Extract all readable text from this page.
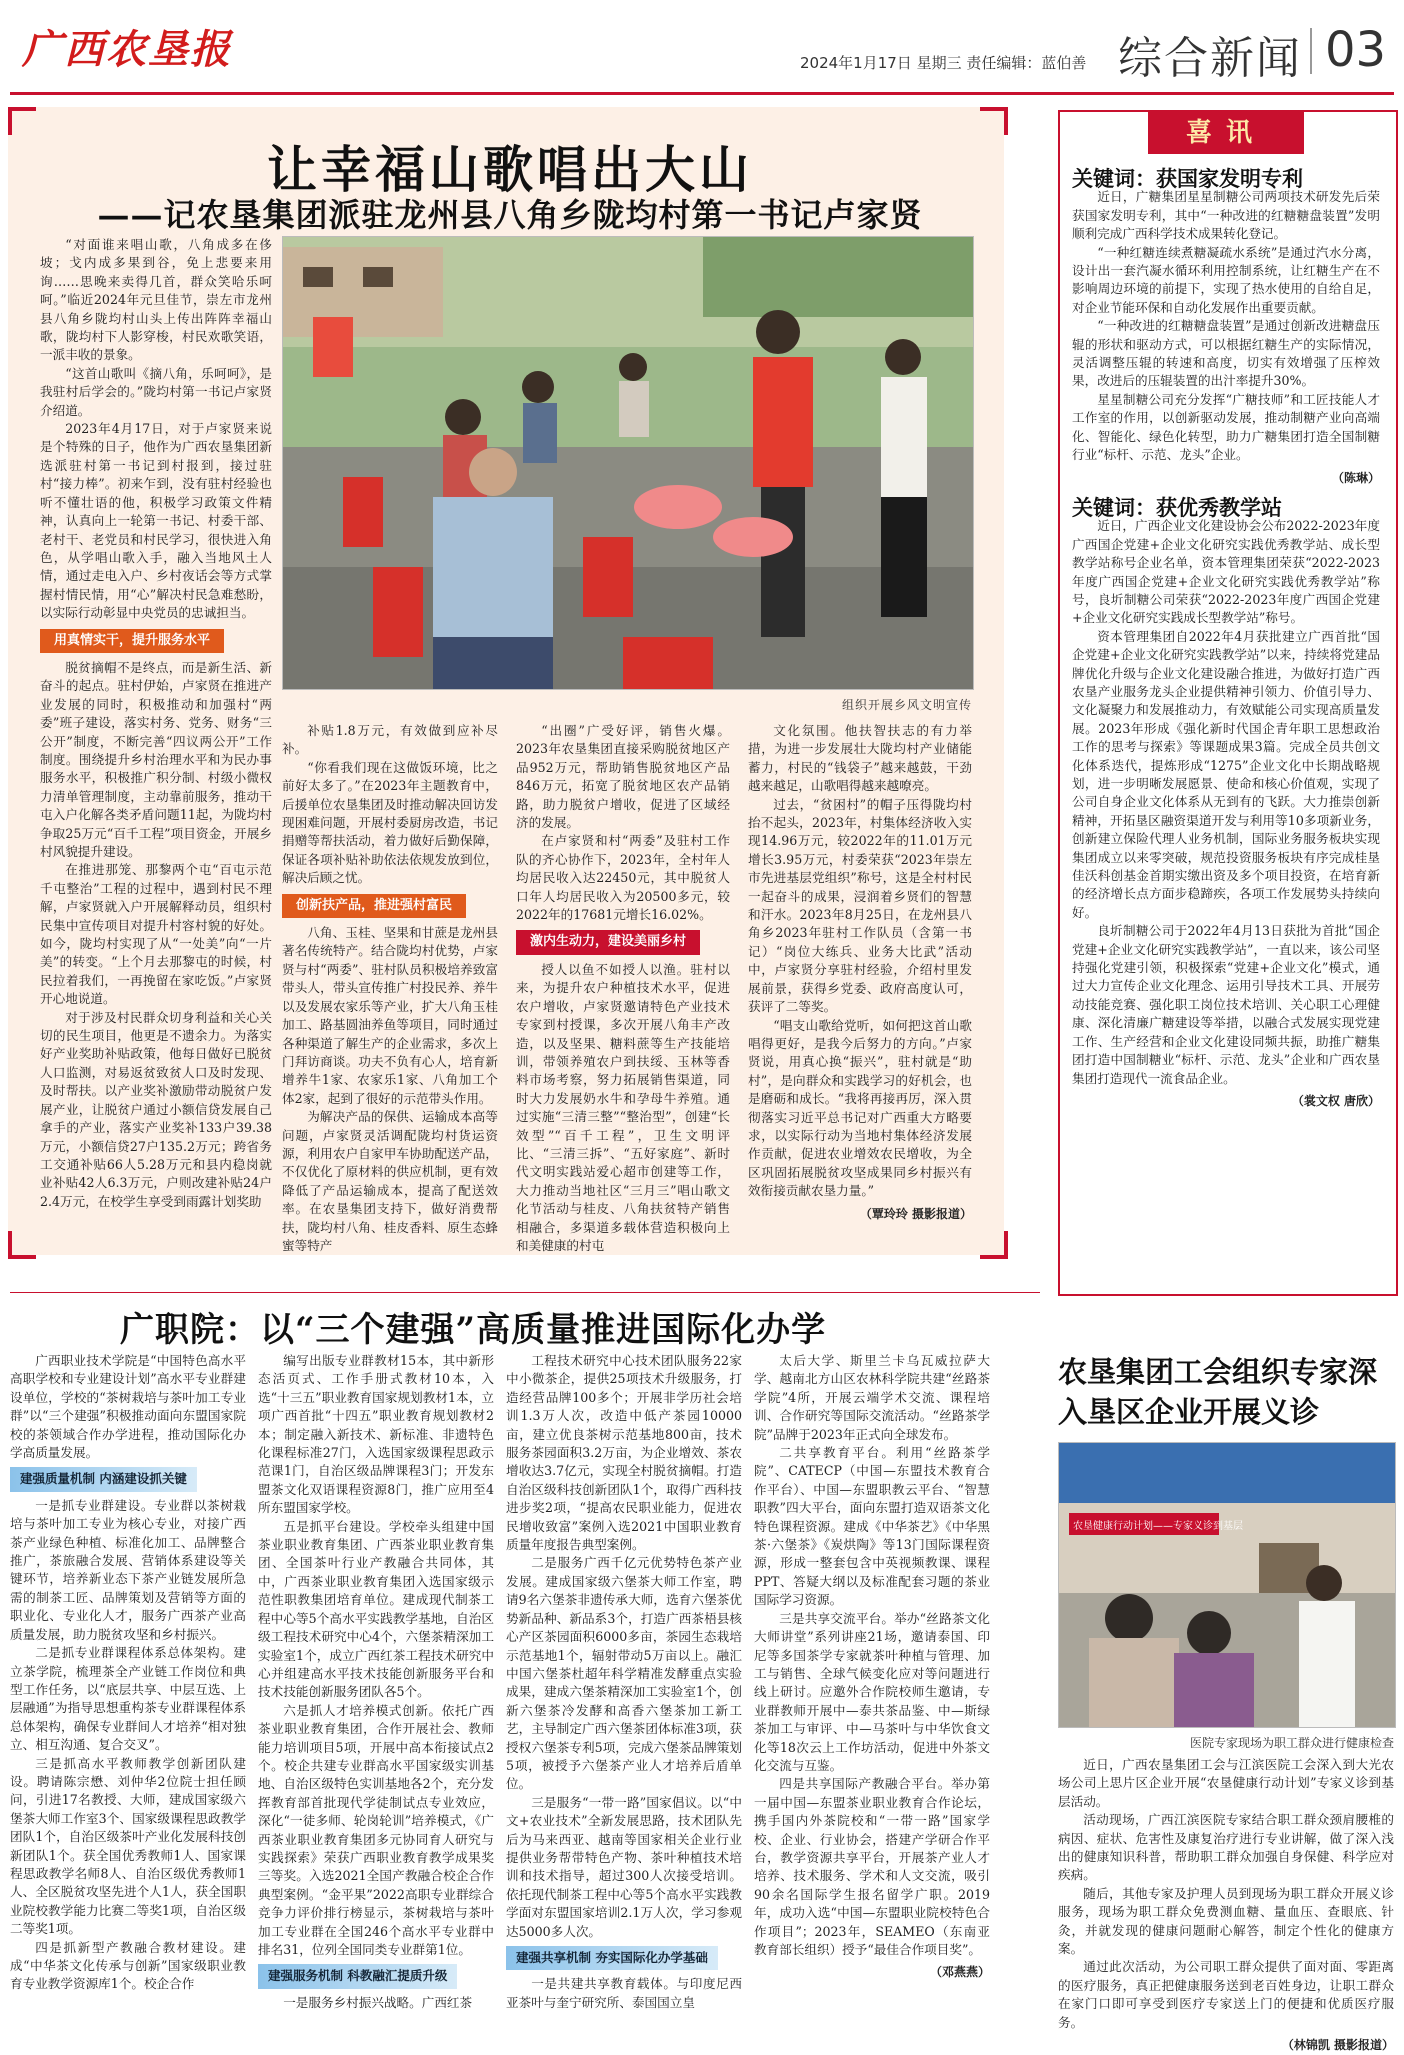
广西农垦报	2024年1月17日 星期三 责任编辑：蓝伯善 综合新闻 03
让幸福山歌唱出大山
——记农垦集团派驻龙州县八角乡陇均村第一书记卢家贤
组织开展乡风文明宣传

“对面谁来唱山歌，八角成多在侈坡；戈内成多果到谷，免上悲要来用询……思晚来卖得几首，群众笑哈乐呵呵。”临近2024年元旦佳节，崇左市龙州县八角乡陇均村山头上传出阵阵幸福山歌，陇均村下人影穿梭，村民欢歌笑语，一派丰收的景象。

“这首山歌叫《摘八角，乐呵呵》，是我驻村后学会的。”陇均村第一书记卢家贤介绍道。

2023年4月17日，对于卢家贤来说是个特殊的日子，他作为广西农垦集团新选派驻村第一书记到村报到，接过驻村“接力棒”。初来乍到，没有驻村经验也听不懂壮语的他，积极学习政策文件精神，认真向上一轮第一书记、村委干部、老村干、老党员和村民学习，很快进入角色，从学唱山歌入手，融入当地风土人情，通过走电入户、乡村夜话会等方式掌握村情民情，用“心”解决村民急难愁盼，以实际行动彰显中央党员的忠诚担当。

用真情实干，提升服务水平

脱贫摘帽不是终点，而是新生活、新奋斗的起点。驻村伊始，卢家贤在推进产业发展的同时，积极推动和加强村“两委”班子建设，落实村务、党务、财务“三公开”制度，不断完善“四议两公开”工作制度。围绕提升乡村治理水平和为民办事服务水平，积极推广积分制、村级小微权力清单管理制度，主动靠前服务，推动干屯入户化解各类矛盾问题11起，为陇均村争取25万元“百千工程”项目资金，开展乡村风貌提升建设。

在推进那笼、那黎两个屯“百屯示范千屯整治”工程的过程中，遇到村民不理解，卢家贤就入户开展解释动员，组织村民集中宣传项目对提升村容村貌的好处。如今，陇均村实现了从“一处美”向“一片美”的转变。“上个月去那黎屯的时候，村民拉着我们，一再挽留在家吃饭。”卢家贤开心地说道。

对于涉及村民群众切身利益和关心关切的民生项目，他更是不遗余力。为落实好产业奖助补贴政策，他每日做好已脱贫人口监测，对易返贫致贫人口及时发现、及时帮扶。以产业奖补激励带动脱贫户发展产业，让脱贫户通过小额信贷发展自己拿手的产业，落实产业奖补133户39.38万元，小额信贷27户135.2万元；跨省务工交通补贴66人5.28万元和县内稳岗就业补贴42人6.3万元，户则改建补贴24户2.4万元，在校学生享受到雨露计划奖助

补贴1.8万元，有效做到应补尽补。

“你看我们现在这做饭环境，比之前好太多了。”在2023年主题教育中，后援单位农垦集团及时推动解决回访发现困难问题，开展村委厨房改造，书记捐赠等帮扶活动，着力做好后勤保障，保证各项补贴补助依法依规发放到位，解决后顾之忧。

创新扶产品，推进强村富民

八角、玉桂、坚果和甘蔗是龙州县著名传统特产。结合陇均村优势，卢家贤与村“两委”、驻村队员积极培养致富带头人，带头宣传推广村投民养、养牛以及发展农家乐等产业，扩大八角玉桂加工、路基圆油养鱼等项目，同时通过各种渠道了解生产的企业需求，多次上门拜访商谈。功夫不负有心人，培育新增养牛1家、农家乐1家、八角加工个体2家，起到了很好的示范带头作用。

为解决产品的保供、运输成本高等问题，卢家贤灵活调配陇均村货运资源，利用农户自家甲车协助配送产品，不仅优化了原材料的供应机制，更有效降低了产品运输成本，提高了配送效率。在农垦集团支持下，做好消费帮扶，陇均村八角、桂皮香料、原生态蜂蜜等特产

“出圈”广受好评，销售火爆。2023年农垦集团直接采购脱贫地区产品952万元，帮助销售脱贫地区产品846万元，拓宽了脱贫地区农产品销路，助力脱贫户增收，促进了区域经济的发展。

在卢家贤和村“两委”及驻村工作队的齐心协作下，2023年，全村年人均居民收入达22450元，其中脱贫人口年人均居民收入为20500多元，较2022年的17681元增长16.02%。

激内生动力，建设美丽乡村

授人以鱼不如授人以渔。驻村以来，为提升农户种植技术水平，促进农户增收，卢家贤邀请特色产业技术专家到村授课，多次开展八角丰产改造，以及坚果、糖料蔗等生产技能培训，带领养殖农户到扶绥、玉林等香料市场考察，努力拓展销售渠道，同时大力发展奶水牛和孕母牛养殖。通过实施“三清三整”“整治型”，创建“长效型”“百千工程”，卫生文明评比、“三清三拆”、“五好家庭”、新时代文明实践站爱心超市创建等工作，大力推动当地社区“三月三”唱山歌文化节活动与桂皮、八角扶贫特产销售相融合，多渠道多载体营造积极向上和美健康的村屯

文化氛围。他扶智扶志的有力举措，为进一步发展壮大陇均村产业储能蓄力，村民的“钱袋子”越来越鼓，干劲越来越足，山歌唱得越来越嘹亮。

过去，“贫困村”的帽子压得陇均村抬不起头，2023年，村集体经济收入实现14.96万元，较2022年的11.01万元增长3.95万元，村委荣获“2023年崇左市先进基层党组织”称号，这是全村村民一起奋斗的成果，浸润着乡贤们的智慧和汗水。2023年8月25日，在龙州县八角乡2023年驻村工作队员（含第一书记）“岗位大练兵、业务大比武”活动中，卢家贤分享驻村经验，介绍村里发展前景，获得乡党委、政府高度认可，获评了二等奖。

“唱支山歌给党听，如何把这首山歌唱得更好，是我今后努力的方向。”卢家贤说，用真心换“振兴”，驻村就是“助村”，是向群众和实践学习的好机会，也是磨砺和成长。“我将再接再厉，深入贯彻落实习近平总书记对广西重大方略要求，以实际行动为当地村集体经济发展作贡献，促进农业增效农民增收，为全区巩固拓展脱贫攻坚成果同乡村振兴有效衔接贡献农垦力量。”

（覃玲玲 摄影报道）
喜讯

关键词：获国家发明专利

近日，广糖集团星星制糖公司两项技术研发先后荣获国家发明专利，其中“一种改进的红糖糖盘装置”发明顺利完成广西科学技术成果转化登记。

“一种红糖连续煮糖凝疏水系统”是通过汽水分离，设计出一套汽凝水循环利用控制系统，让红糖生产在不影响周边环境的前提下，实现了热水使用的自给自足，对企业节能环保和自动化发展作出重要贡献。

“一种改进的红糖糖盘装置”是通过创新改进糖盘压辊的形状和驱动方式，可以根据红糖生产的实际情况，灵活调整压辊的转速和高度，切实有效增强了压榨效果，改进后的压辊装置的出汁率提升30%。

星星制糖公司充分发挥“广糖技师”和工匠技能人才工作室的作用，以创新驱动发展，推动制糖产业向高端化、智能化、绿色化转型，助力广糖集团打造全国制糖行业“标杆、示范、龙头”企业。

（陈琳）

关键词：获优秀教学站

近日，广西企业文化建设协会公布2022-2023年度广西国企党建+企业文化研究实践优秀教学站、成长型教学站称号企业名单，资本管理集团荣获“2022-2023年度广西国企党建+企业文化研究实践优秀教学站”称号，良圻制糖公司荣获“2022-2023年度广西国企党建+企业文化研究实践成长型教学站”称号。

资本管理集团自2022年4月获批建立广西首批“国企党建+企业文化研究实践教学站”以来，持续将党建品牌优化升级与企业文化建设融合推进，为做好打造广西农垦产业服务龙头企业提供精神引领力、价值引导力、文化凝聚力和发展推动力，有效赋能公司实现高质量发展。2023年形成《强化新时代国企青年职工思想政治工作的思考与探索》等课题成果3篇。完成全员共创文化体系迭代，提炼形成“1275”企业文化中长期战略规划，进一步明晰发展愿景、使命和核心价值观，实现了公司自身企业文化体系从无到有的飞跃。大力推崇创新精神，开拓垦区融资渠道开发与利用等10多项新业务，创新建立保险代理人业务机制，国际业务服务板块实现集团成立以来零突破，规范投资服务板块有序完成桂垦佳沃科创基金首期实缴出资及多个项目投资，在培育新的经济增长点方面步稳蹄疾，各项工作发展势头持续向好。

良圻制糖公司于2022年4月13日获批为首批“国企党建+企业文化研究实践教学站”，一直以来，该公司坚持强化党建引领，积极探索“党建+企业文化”模式，通过大力宣传企业文化理念、运用引导技术工具、开展劳动技能竞赛、强化职工岗位技术培训、关心职工心理健康、深化清廉广糖建设等举措，以融合式发展实现党建工作、生产经营和企业文化建设同频共振，助推广糖集团打造中国制糖业“标杆、示范、龙头”企业和广西农垦集团打造现代一流食品企业。

（裳文权 唐欣）
广职院：以“三个建强”高质量推进国际化办学

广西职业技术学院是“中国特色高水平高职学校和专业建设计划”高水平专业群建设单位，学校的“茶树栽培与茶叶加工专业群”以“三个建强”积极推动面向东盟国家院校的茶领域合作办学进程，推动国际化办学高质量发展。

建强质量机制 内涵建设抓关键

一是抓专业群建设。专业群以茶树栽培与茶叶加工专业为核心专业，对接广西茶产业绿色种植、标准化加工、品牌整合推广，茶旅融合发展、营销体系建设等关键环节，培养新业态下茶产业链发展所急需的制茶工匠、品牌策划及营销等方面的职业化、专业化人才，服务广西茶产业高质量发展，助力脱贫攻坚和乡村振兴。

二是抓专业群课程体系总体架构。建立茶学院，梳理茶全产业链工作岗位和典型工作任务，以“底层共享、中层互选、上层融通”为指导思想重构茶专业群课程体系总体架构，确保专业群间人才培养“相对独立、相互沟通、复合交叉”。

三是抓高水平教师教学创新团队建设。聘请陈宗懋、刘仲华2位院士担任顾问，引进17名教授、大师，建成国家级六堡茶大师工作室3个、国家级课程思政教学团队1个，自治区级茶叶产业化发展科技创新团队1个。获全国优秀教师1人、国家课程思政教学名师8人、自治区级优秀教师1人、全区脱贫攻坚先进个人1人，获全国职业院校教学能力比赛二等奖1项，自治区级二等奖1项。

四是抓新型产教融合教材建设。建成“中华茶文化传承与创新”国家级职业教育专业教学资源库1个。校企合作

编写出版专业群教材15本，其中新形态活页式、工作手册式教材10本，入选“十三五”职业教育国家规划教材1本，立项广西首批“十四五”职业教育规划教材2本；制定融入新技术、新标准、非遗特色化课程标准27门，入选国家级课程思政示范课1门，自治区级品牌课程3门；开发东盟茶文化双语课程资源8门，推广应用至4所东盟国家学校。

五是抓平台建设。学校牵头组建中国茶业职业教育集团、广西茶业职业教育集团、全国茶叶行业产教融合共同体，其中，广西茶业职业教育集团入选国家级示范性职教集团培育单位。建成现代制茶工程中心等5个高水平实践教学基地，自治区级工程技术研究中心4个，六堡茶精深加工实验室1个，成立广西红茶工程技术研究中心并组建高水平技术技能创新服务平台和技术技能创新服务团队各5个。

六是抓人才培养模式创新。依托广西茶业职业教育集团，合作开展社会、教师能力培训项目5项，开展中高本衔接试点2个。校企共建专业群高水平国家级实训基地、自治区级特色实训基地各2个，充分发挥教育部首批现代学徒制试点专业效应，深化“一徒多师、轮岗轮训”培养模式，《广西茶业职业教育集团多元协同育人研究与实践探索》荣获广西职业教育教学成果奖三等奖。入选2021全国产教融合校企合作典型案例。“金平果”2022高职专业群综合竞争力评价排行榜显示，茶树栽培与茶叶加工专业群在全国246个高水平专业群中排名31，位列全国同类专业群第1位。

建强服务机制 科教融汇提质升级

一是服务乡村振兴战略。广西红茶

工程技术研究中心技术团队服务22家中小微茶企，提供25项技术升级服务，打造经营品牌100多个；开展非学历社会培训1.3万人次，改造中低产茶园10000亩，建立优良茶树示范基地800亩，技术服务茶园面积3.2万亩，为企业增效、茶农增收达3.7亿元，实现全村脱贫摘帽。打造自治区级科技创新团队1个，取得广西科技进步奖2项，“提高农民职业能力，促进农民增收致富”案例入选2021中国职业教育质量年度报告典型案例。

二是服务广西千亿元优势特色茶产业发展。建成国家级六堡茶大师工作室，聘请9名六堡茶非遗传承大师，选育六堡茶优势新品种、新品系3个，打造广西茶梧县核心产区茶园面积6000多亩，茶园生态栽培示范基地1个，辐射带动5万亩以上。融汇中国六堡茶杜超年科学精准发酵重点实验成果，建成六堡茶精深加工实验室1个，创新六堡茶冷发酵和高香六堡茶加工新工艺，主导制定广西六堡茶团体标准3项，获授权六堡茶专利5项，完成六堡茶品牌策划5项，被授予六堡茶产业人才培养后盾单位。

三是服务“一带一路”国家倡议。以“中文+农业技术”全新发展思路，技术团队先后为马来西亚、越南等国家相关企业行业提供业务帮带特色产物、茶叶种植技术培训和技术指导，超过300人次接受培训。依托现代制茶工程中心等5个高水平实践教学面对东盟国家培训2.1万人次，学习参观达5000多人次。

建强共享机制 夯实国际化办学基础

一是共建共享教育载体。与印度尼西亚茶叶与奎宁研究所、泰国国立皇

太后大学、斯里兰卡乌瓦威拉萨大学、越南北方山区农林科学院共建“丝路茶学院”4所，开展云端学术交流、课程培训、合作研究等国际交流活动。“丝路茶学院”品牌于2023年正式向全球发布。

二共享教育平台。利用“丝路茶学院”、CATECP（中国—东盟技术教育合作平台）、中国—东盟职教云平台、“智慧职教”四大平台，面向东盟打造双语茶文化特色课程资源。建成《中华茶艺》《中华黑茶·六堡茶》《炭烘陶》等13门国际课程资源，形成一整套包含中英视频教课、课程PPT、答疑大纲以及标准配套习题的茶业国际学习资源。

三是共享交流平台。举办“丝路茶文化大师讲堂”系列讲座21场，邀请泰国、印尼等多国茶学专家就茶叶种植与管理、加工与销售、全球气候变化应对等问题进行线上研讨。应邀外合作院校师生邀请，专业群教师开展中—泰共茶品鉴、中—斯绿茶加工与审评、中—马茶叶与中华饮食文化等18次云上工作坊活动，促进中外茶文化交流与互鉴。

四是共享国际产教融合平台。举办第一届中国—东盟茶业职业教育合作论坛，携手国内外茶院校和“一带一路”国家学校、企业、行业协会，搭建产学研合作平台，教学资源共享平台，开展茶产业人才培养、技术服务、学术和人文交流，吸引90余名国际学生报名留学广职。2019年，成功入选“中国—东盟职业院校特色合作项目”；2023年，SEAMEO（东南亚教育部长组织）授予“最佳合作项目奖”。

（邓燕燕）
农垦集团工会组织专家深入垦区企业开展义诊
农垦健康行动计划——专家义诊到基层
医院专家现场为职工群众进行健康检查

近日，广西农垦集团工会与江滨医院工会深入到大光农场公司上思片区企业开展“农垦健康行动计划”专家义诊到基层活动。

活动现场，广西江滨医院专家结合职工群众颈肩腰椎的病因、症状、危害性及康复治疗进行专业讲解，做了深入浅出的健康知识科普，帮助职工群众加强自身保健、科学应对疾病。

随后，其他专家及护理人员到现场为职工群众开展义诊服务，现场为职工群众免费测血糖、量血压、查眼底、针灸，并就发现的健康问题耐心解答，制定个性化的健康方案。

通过此次活动，为公司职工群众提供了面对面、零距离的医疗服务，真正把健康服务送到老百姓身边，让职工群众在家门口即可享受到医疗专家送上门的便捷和优质医疗服务。

（林锦凯 摄影报道）
